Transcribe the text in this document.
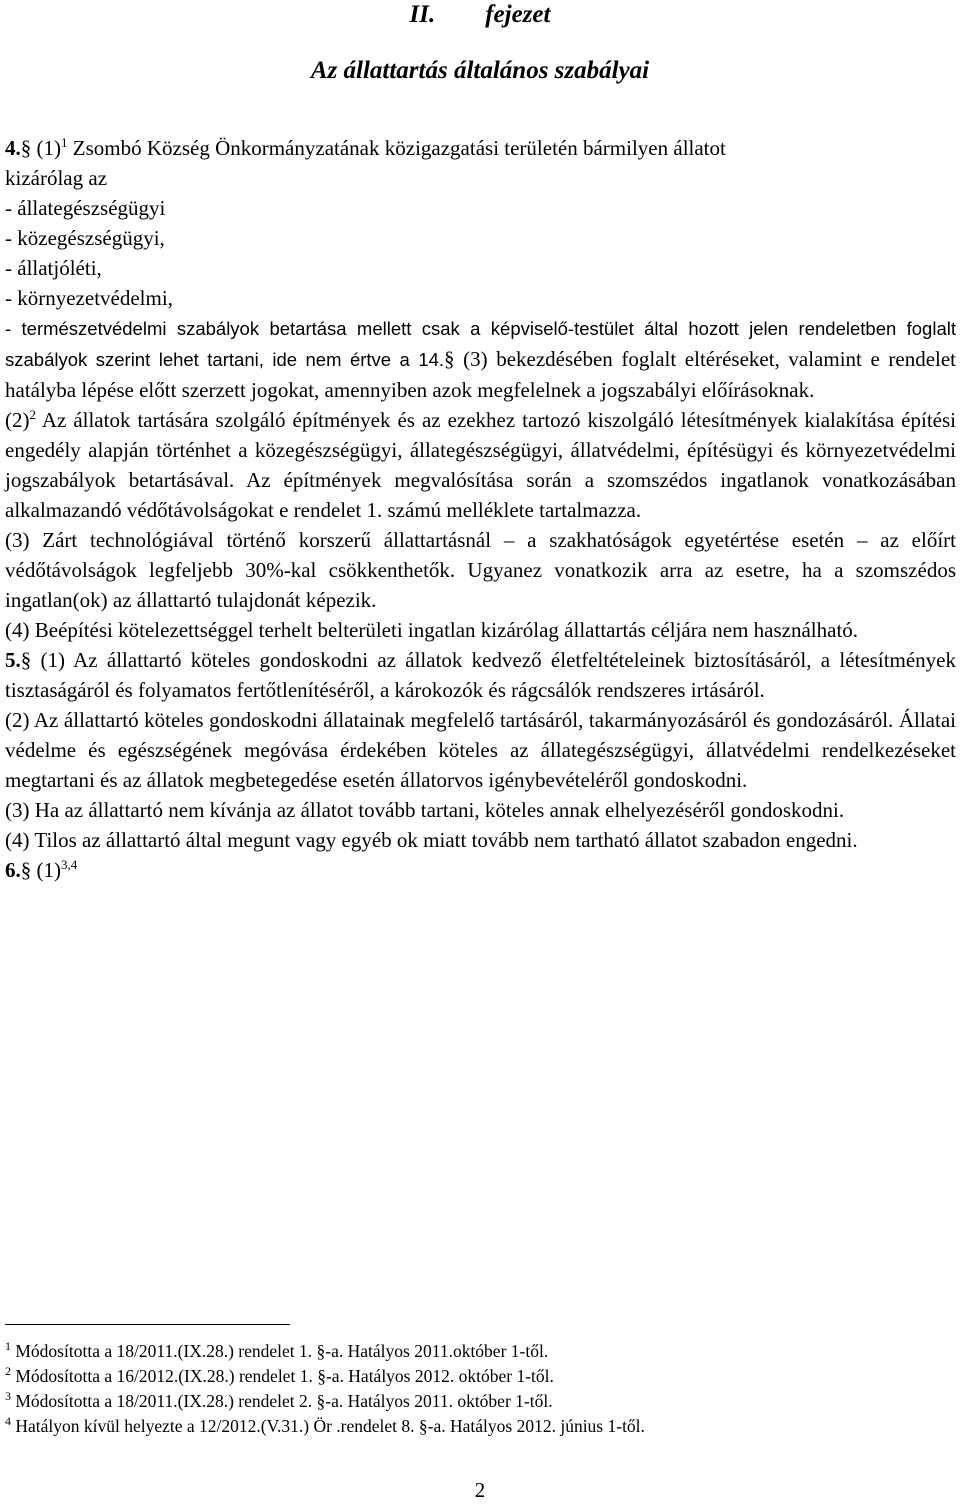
II. fejezet
Az állattartás általános szabályai

4.§ $(1)^1$ Zsombó Község Önkormányzatának közigazgatási területén bármilyen állatot

kizárólag az

- állategészségügyi

- közegészségügyi,

- állatjóléti,

- környezetvédelmi,

- természetvédelmi szabályok betartása mellett csak a képviselő-testület által hozott jelen rendeletben foglalt szabályok szerint lehet tartani, ide nem értve a 14.§ (3) bekezdésében foglalt eltéréseket, valamint e rendelet hatályba lépése előtt szerzett jogokat, amennyiben azok megfelelnek a jogszabályi előírásoknak.

$(2)^2$ Az állatok tartására szolgáló építmények és az ezekhez tartozó kiszolgáló létesítmények kialakítása építési engedély alapján történhet a közegészségügyi, állategészségügyi, állatvédelmi, építésügyi és környezetvédelmi jogszabályok betartásával. Az építmények megvalósítása során a szomszédos ingatlanok vonatkozásában alkalmazandó védőtávolságokat e rendelet 1. számú melléklete tartalmazza.

(3) Zárt technológiával történő korszerű állattartásnál – a szakhatóságok egyetértése esetén – az előírt védőtávolságok legfeljebb 30%-kal csökkenthetők. Ugyanez vonatkozik arra az esetre, ha a szomszédos ingatlan(ok) az állattartó tulajdonát képezik.

(4) Beépítési kötelezettséggel terhelt belterületi ingatlan kizárólag állattartás céljára nem használható.

5.§ (1) Az állattartó köteles gondoskodni az állatok kedvező életfeltételeinek biztosításáról, a létesítmények tisztaságáról és folyamatos fertőtlenítéséről, a károkozók és rágcsálók rendszeres irtásáról.

(2) Az állattartó köteles gondoskodni állatainak megfelelő tartásáról, takarmányozásáról és gondozásáról. Állatai védelme és egészségének megóvása érdekében köteles az állategészségügyi, állatvédelmi rendelkezéseket megtartani és az állatok megbetegedése esetén állatorvos igénybevételéről gondoskodni.

(3) Ha az állattartó nem kívánja az állatot tovább tartani, köteles annak elhelyezéséről gondoskodni.

(4) Tilos az állattartó által megunt vagy egyéb ok miatt tovább nem tartható állatot szabadon engedni.

6.§ $(1)^{3,4}$

$^1$ Módosította a 18/2011.(IX.28.) rendelet 1. §-a. Hatályos 2011.október 1-től.
$^2$ Módosította a 16/2012.(IX.28.) rendelet 1. §-a. Hatályos 2012. október 1-től.
$^3$ Módosította a 18/2011.(IX.28.) rendelet 2. §-a. Hatályos 2011. október 1-től.
$^4$ Hatályon kívül helyezte a 12/2012.(V.31.) Ör .rendelet 8. §-a. Hatályos 2012. június 1-től.
2
